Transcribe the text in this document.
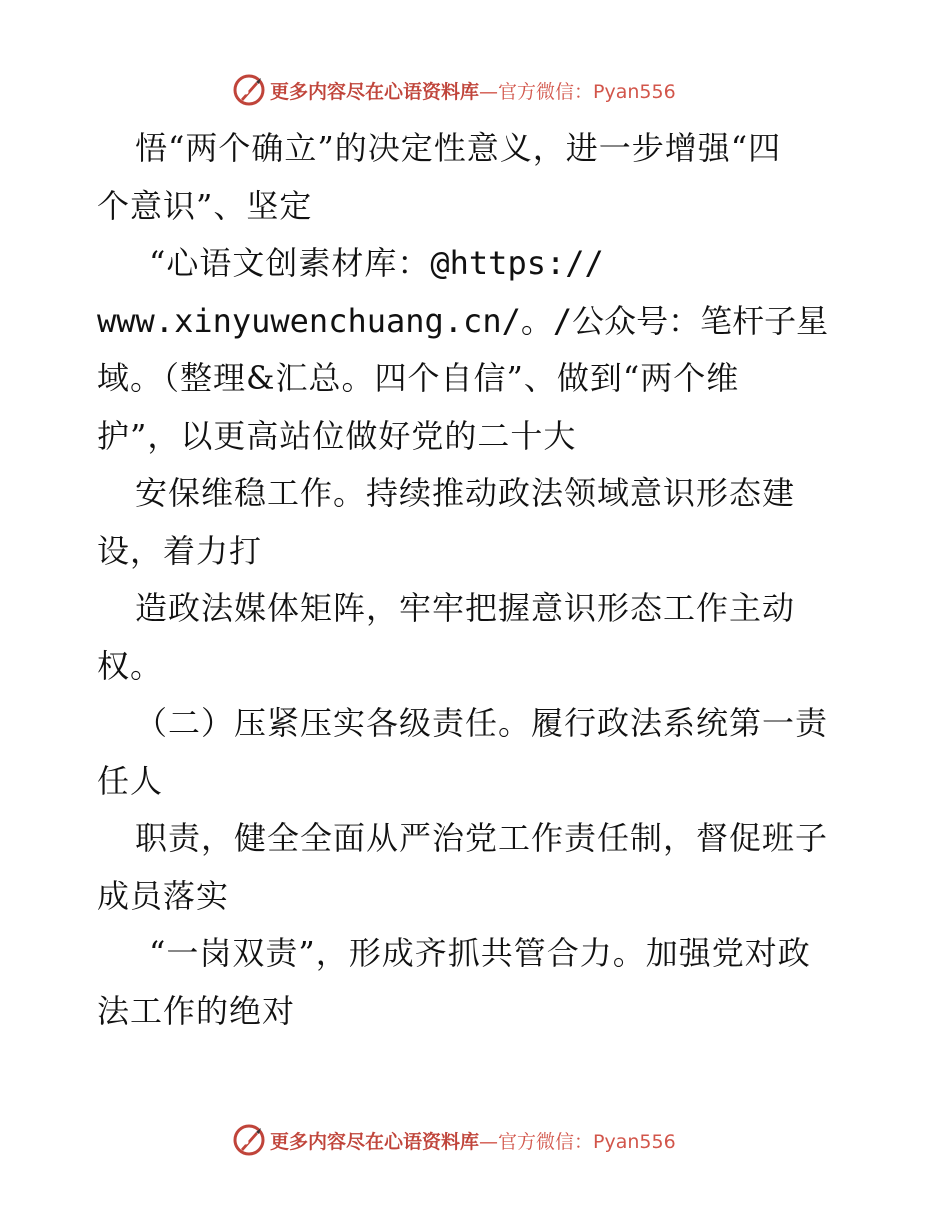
更多内容尽在心语资料库 —官方微信：Pyan556
悟“两个确立”的决定性意义，进一步增强“四
个意识”、坚定
“心语文创素材库：@https://
www.xinyuwenchuang.cn/。/公众号：笔杆子星
域。（整理&汇总。四个自信”、做到“两个维
护”，以更高站位做好党的二十大
安保维稳工作。持续推动政法领域意识形态建
设，着力打
造政法媒体矩阵，牢牢把握意识形态工作主动
权。
（二）压紧压实各级责任。履行政法系统第一责
任人
职责，健全全面从严治党工作责任制，督促班子
成员落实
“一岗双责”，形成齐抓共管合力。加强党对政
法工作的绝对
更多内容尽在心语资料库 —官方微信：Pyan556
